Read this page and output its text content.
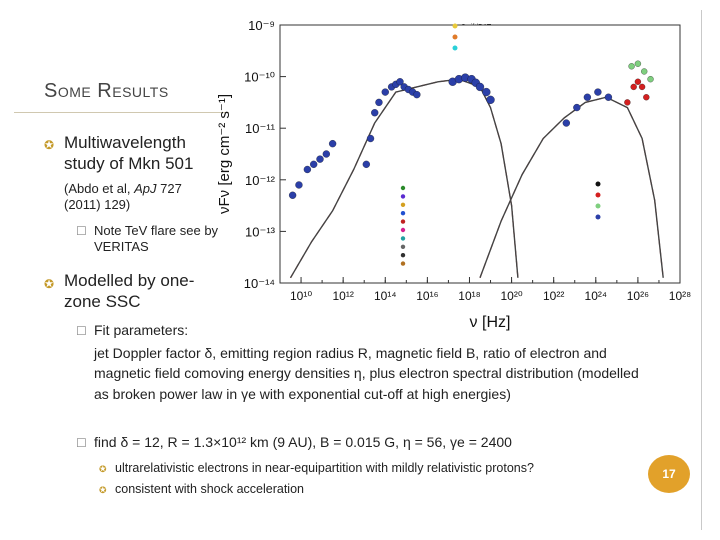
Some Results
✪ Multiwavelength study of Mkn 501
(Abdo et al, ApJ 727 (2011) 129)
☐ Note TeV flare see by VERITAS
✪ Modelled by one-zone SSC
☐ Fit parameters:
jet Doppler factor δ, emitting region radius R, magnetic field B, ratio of electron and magnetic field comoving energy densities η, plus electron spectral distribution (modelled as broken power law in γe with exponential cut-off at high energies)
☐ find δ = 12, R = 1.3×10¹² km (9 AU), B = 0.015 G, η = 56, γe = 2400
✪ ultrarelativistic electrons in near-equipartition with mildly relativistic protons?
✪ consistent with shock acceleration
17
10¹⁰ 10¹² 10¹⁴ 10¹⁶ 10¹⁸ 10²⁰ 10²² 10²⁴ 10²⁶ 10²⁸
10⁻⁹
10⁻¹⁰
10⁻¹¹
10⁻¹²
10⁻¹³
10⁻¹⁴
ν [Hz]
νFν [erg cm⁻² s⁻¹]
